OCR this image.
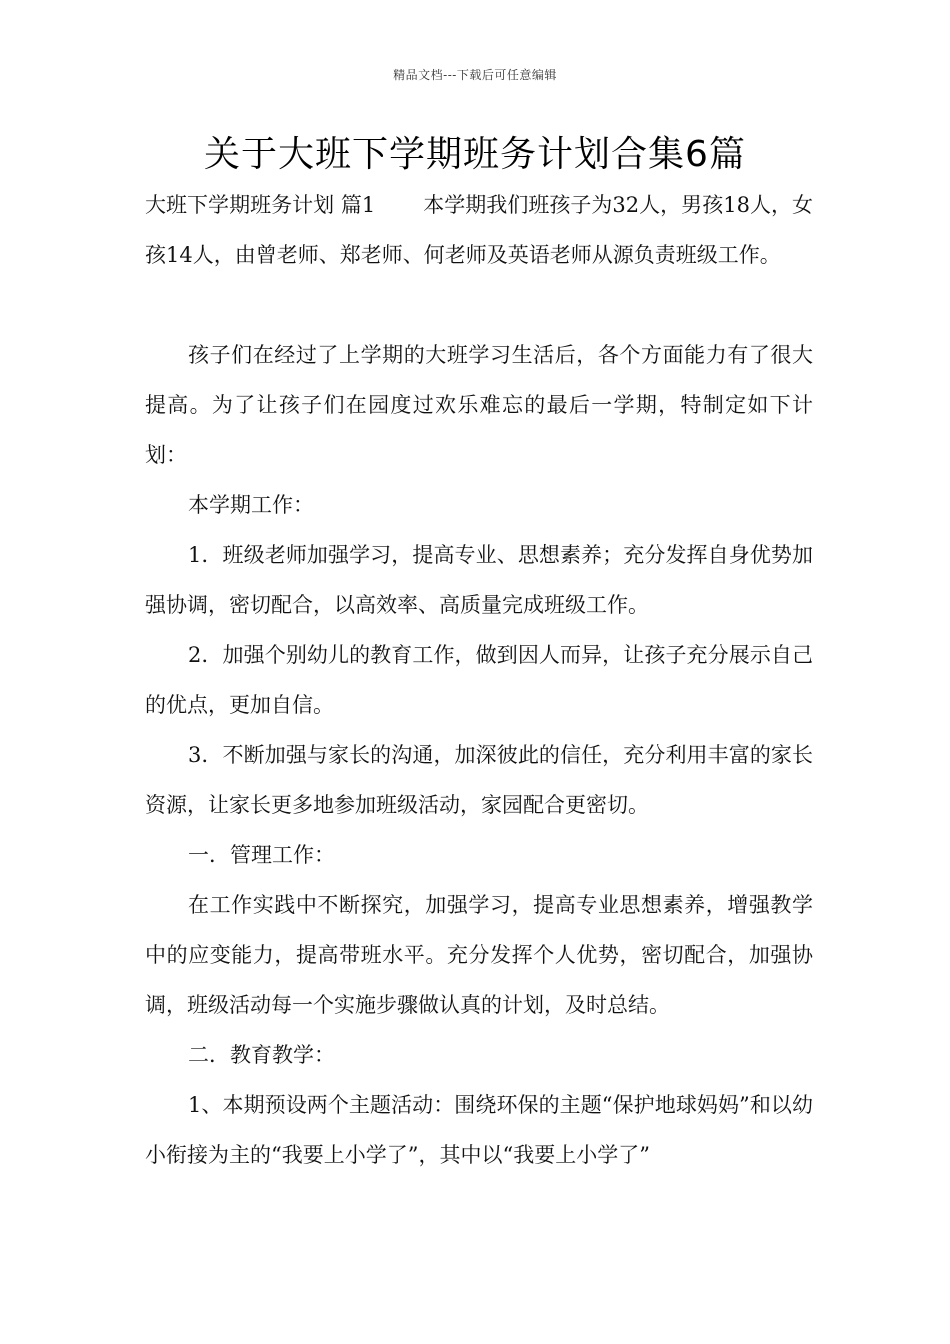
精品文档---下载后可任意编辑
关于大班下学期班务计划合集6篇

大班下学期班务计划 篇1 本学期我们班孩子为32人，男孩18人，女孩14人，由曾老师、郑老师、何老师及英语老师从源负责班级工作。

孩子们在经过了上学期的大班学习生活后，各个方面能力有了很大提高。为了让孩子们在园度过欢乐难忘的最后一学期，特制定如下计划：

本学期工作：

1．班级老师加强学习，提高专业、思想素养；充分发挥自身优势加强协调，密切配合，以高效率、高质量完成班级工作。

2．加强个别幼儿的教育工作，做到因人而异，让孩子充分展示自己的优点，更加自信。

3．不断加强与家长的沟通，加深彼此的信任，充分利用丰富的家长资源，让家长更多地参加班级活动，家园配合更密切。

一．管理工作：

在工作实践中不断探究，加强学习，提高专业思想素养，增强教学中的应变能力，提高带班水平。充分发挥个人优势，密切配合，加强协调，班级活动每一个实施步骤做认真的计划，及时总结。

二．教育教学：

1、本期预设两个主题活动：围绕环保的主题“保护地球妈妈”和以幼小衔接为主的“我要上小学了”，其中以“我要上小学了”
